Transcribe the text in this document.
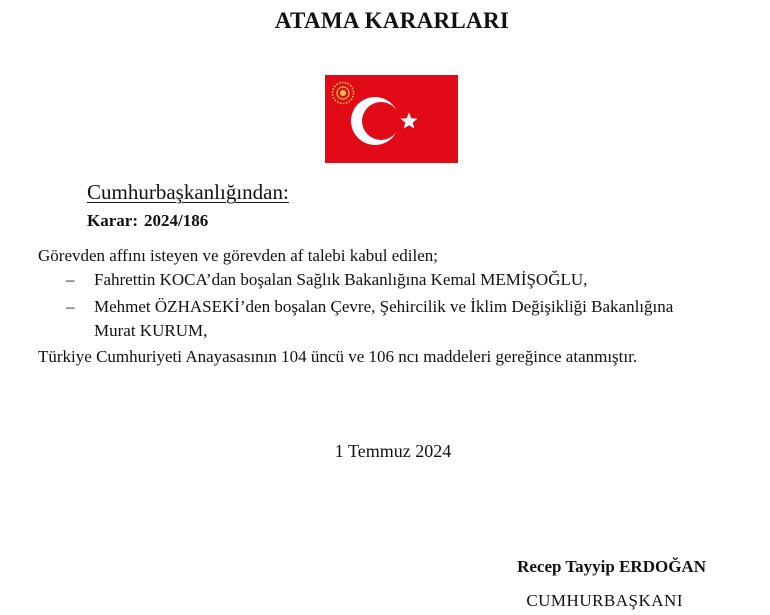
ATAMA KARARLARI
Cumhurbaşkanlığından:
Karar: 2024/186
Görevden affını isteyen ve görevden af talebi kabul edilen;
– Fahrettin KOCA’dan boşalan Sağlık Bakanlığına Kemal MEMİŞOĞLU,
– Mehmet ÖZHASEKİ’den boşalan Çevre, Şehircilik ve İklim Değişikliği Bakanlığına
Murat KURUM,
Türkiye Cumhuriyeti Anayasasının 104 üncü ve 106 ncı maddeleri gereğince atanmıştır.
1 Temmuz 2024
Recep Tayyip ERDOĞAN
CUMHURBAŞKANI
